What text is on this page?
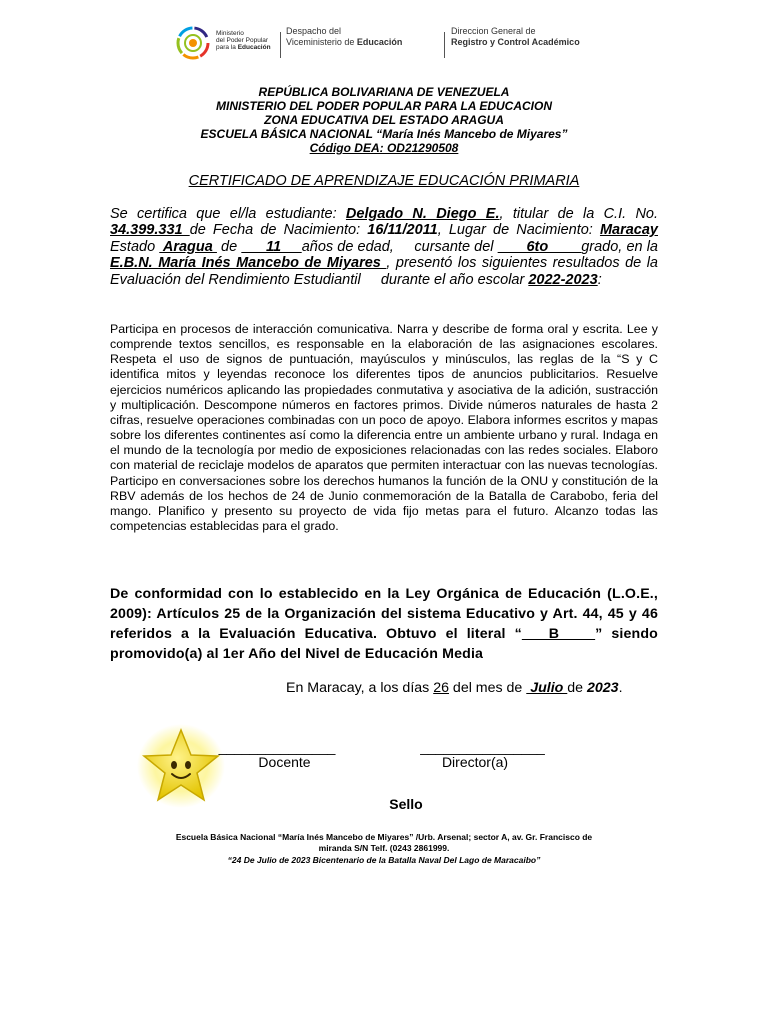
Ministerio
del Poder Popular
para la Educación
Despacho del
Viceministerio de Educación
Direccion General de
Registro y Control Académico
REPÚBLICA BOLIVARIANA DE VENEZUELA
MINISTERIO DEL PODER POPULAR PARA LA EDUCACION
ZONA EDUCATIVA DEL ESTADO ARAGUA
ESCUELA BÁSICA NACIONAL “María Inés Mancebo de Miyares”
Código DEA: OD21290508
CERTIFICADO DE APRENDIZAJE EDUCACIÓN PRIMARIA
Se certifica que el/la estudiante: Delgado N. Diego E., titular de la C.I. No. 34.399.331 de Fecha de Nacimiento: 16/11/2011, Lugar de Nacimiento: Maracay Estado  Aragua  de       11     años de edad,     cursante del        6to        grado, en la E.B.N. María Inés Mancebo de Miyares , presentó los siguientes resultados de la Evaluación del Rendimiento Estudiantil     durante el año escolar 2022-2023:
Participa en procesos de interacción comunicativa. Narra y describe de forma oral y escrita. Lee y comprende textos sencillos, es responsable en la elaboración de las asignaciones escolares. Respeta el uso de signos de puntuación, mayúsculos y minúsculos, las reglas de la “S y C identifica mitos y leyendas reconoce los diferentes tipos de anuncios publicitarios. Resuelve ejercicios numéricos aplicando las propiedades conmutativa y asociativa de la adición, sustracción y multiplicación. Descompone números en factores primos. Divide números naturales de hasta 2 cifras, resuelve operaciones combinadas con un poco de apoyo. Elabora informes escritos y mapas sobre los diferentes continentes así como la diferencia entre un ambiente urbano y rural. Indaga en el mundo de la tecnología por medio de exposiciones relacionadas con las redes sociales. Elaboro con material de reciclaje modelos de aparatos que permiten interactuar con las nuevas tecnologías. Participo en conversaciones sobre los derechos humanos la función de la ONU y constitución de la RBV además de los hechos de 24 de Junio conmemoración de la Batalla de Carabobo, feria del mango. Planifico y presento su proyecto de vida fijo metas para el futuro. Alcanzo todas las competencias establecidas para el grado.
De conformidad con lo establecido en la Ley Orgánica de Educación (L.O.E., 2009): Artículos 25 de la Organización del sistema Educativo y Art. 44, 45 y 46 referidos a la Evaluación Educativa. Obtuvo el literal “   B    ” siendo promovido(a) al 1er Año del Nivel de Educación Media
En Maracay, a los días 26 del mes de  Julio de 2023.
_______________
Docente
________________
Director(a)
Sello
Escuela Básica Nacional “María Inés Mancebo de Miyares” /Urb. Arsenal; sector A, av. Gr. Francisco de
miranda S/N Telf. (0243 2861999.
“24 De Julio de 2023 Bicentenario de la Batalla Naval Del Lago de Maracaibo”
